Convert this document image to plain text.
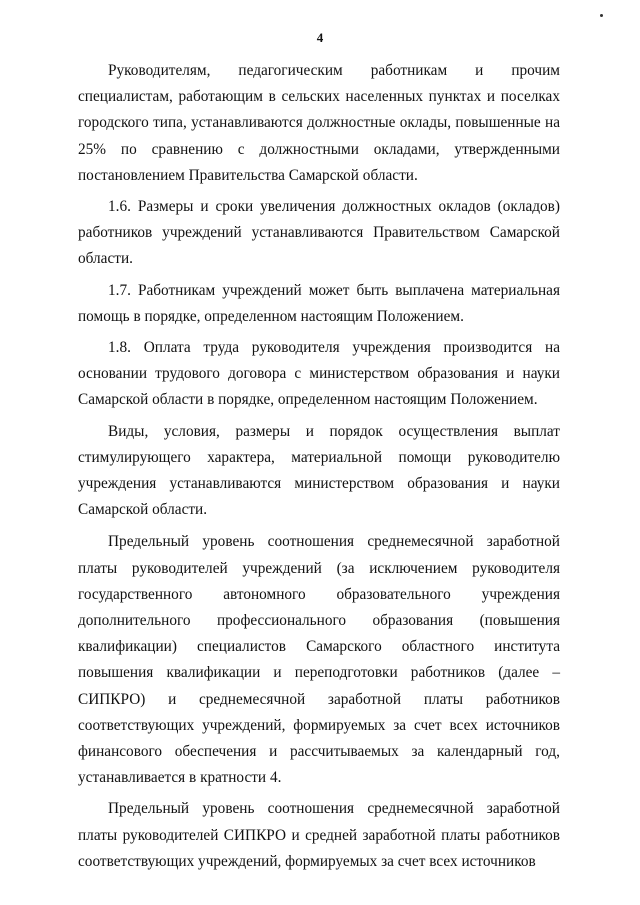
4

Руководителям, педагогическим работникам и прочим специалистам, работающим в сельских населенных пунктах и поселках городского типа, устанавливаются должностные оклады, повышенные на 25% по сравнению с должностными окладами, утвержденными постановлением Правительства Самарской области.

1.6. Размеры и сроки увеличения должностных окладов (окладов) работников учреждений устанавливаются Правительством Самарской области.

1.7. Работникам учреждений может быть выплачена материальная помощь в порядке, определенном настоящим Положением.

1.8. Оплата труда руководителя учреждения производится на основании трудового договора с министерством образования и науки Самарской области в порядке, определенном настоящим Положением.

Виды, условия, размеры и порядок осуществления выплат стимулирующего характера, материальной помощи руководителю учреждения устанавливаются министерством образования и науки Самарской области.

Предельный уровень соотношения среднемесячной заработной платы руководителей учреждений (за исключением руководителя государственного автономного образовательного учреждения дополнительного профессионального образования (повышения квалификации) специалистов Самарского областного института повышения квалификации и переподготовки работников (далее – СИПКРО) и среднемесячной заработной платы работников соответствующих учреждений, формируемых за счет всех источников финансового обеспечения и рассчитываемых за календарный год, устанавливается в кратности 4.

Предельный уровень соотношения среднемесячной заработной платы руководителей СИПКРО и средней заработной платы работников соответствующих учреждений, формируемых за счет всех источников
